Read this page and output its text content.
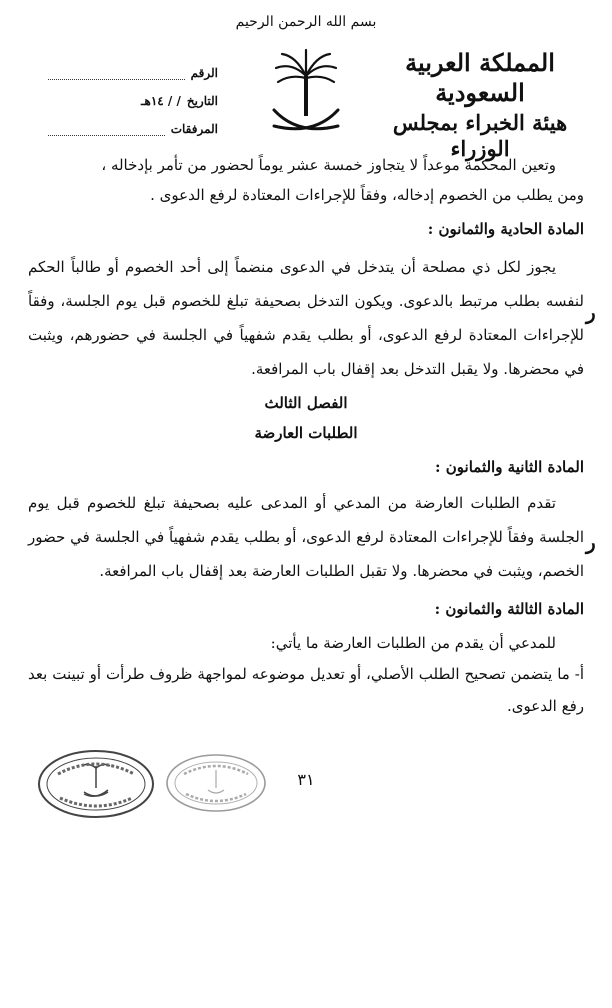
بسم الله الرحمن الرحيم
المملكة العربية السعودية
هيئة الخبراء بمجلس الوزراء
الرقم
التاريخ
/ / ١٤هـ
المرفقات

وتعين المحكمة موعداً لا يتجاوز خمسة عشر يوماً لحضور من تأمر بإدخاله ،

ومن يطلب من الخصوم إدخاله، وفقاً للإجراءات المعتادة لرفع الدعوى .

المادة الحادية والثمانون :

يجوز لكل ذي مصلحة أن يتدخل في الدعوى منضماً إلى أحد الخصوم أو طالباً الحكم لنفسه بطلب مرتبط بالدعوى. ويكون التدخل بصحيفة تبلغ للخصوم قبل يوم الجلسة، وفقاً للإجراءات المعتادة لرفع الدعوى، أو بطلب يقدم شفهياً في الجلسة في حضورهم، ويثبت في محضرها. ولا يقبل التدخل بعد إقفال باب المرافعة.

الفصل الثالث

الطلبات العارضة

المادة الثانية والثمانون :

تقدم الطلبات العارضة من المدعي أو المدعى عليه بصحيفة تبلغ للخصوم قبل يوم الجلسة وفقاً للإجراءات المعتادة لرفع الدعوى، أو بطلب يقدم شفهياً في الجلسة في حضور الخصم، ويثبت في محضرها. ولا تقبل الطلبات العارضة بعد إقفال باب المرافعة.

المادة الثالثة والثمانون :

للمدعي أن يقدم من الطلبات العارضة ما يأتي:

أ- ما يتضمن تصحيح الطلب الأصلي، أو تعديل موضوعه لمواجهة ظروف طرأت أو تبينت بعد رفع الدعوى.

ر
ر
٣١
